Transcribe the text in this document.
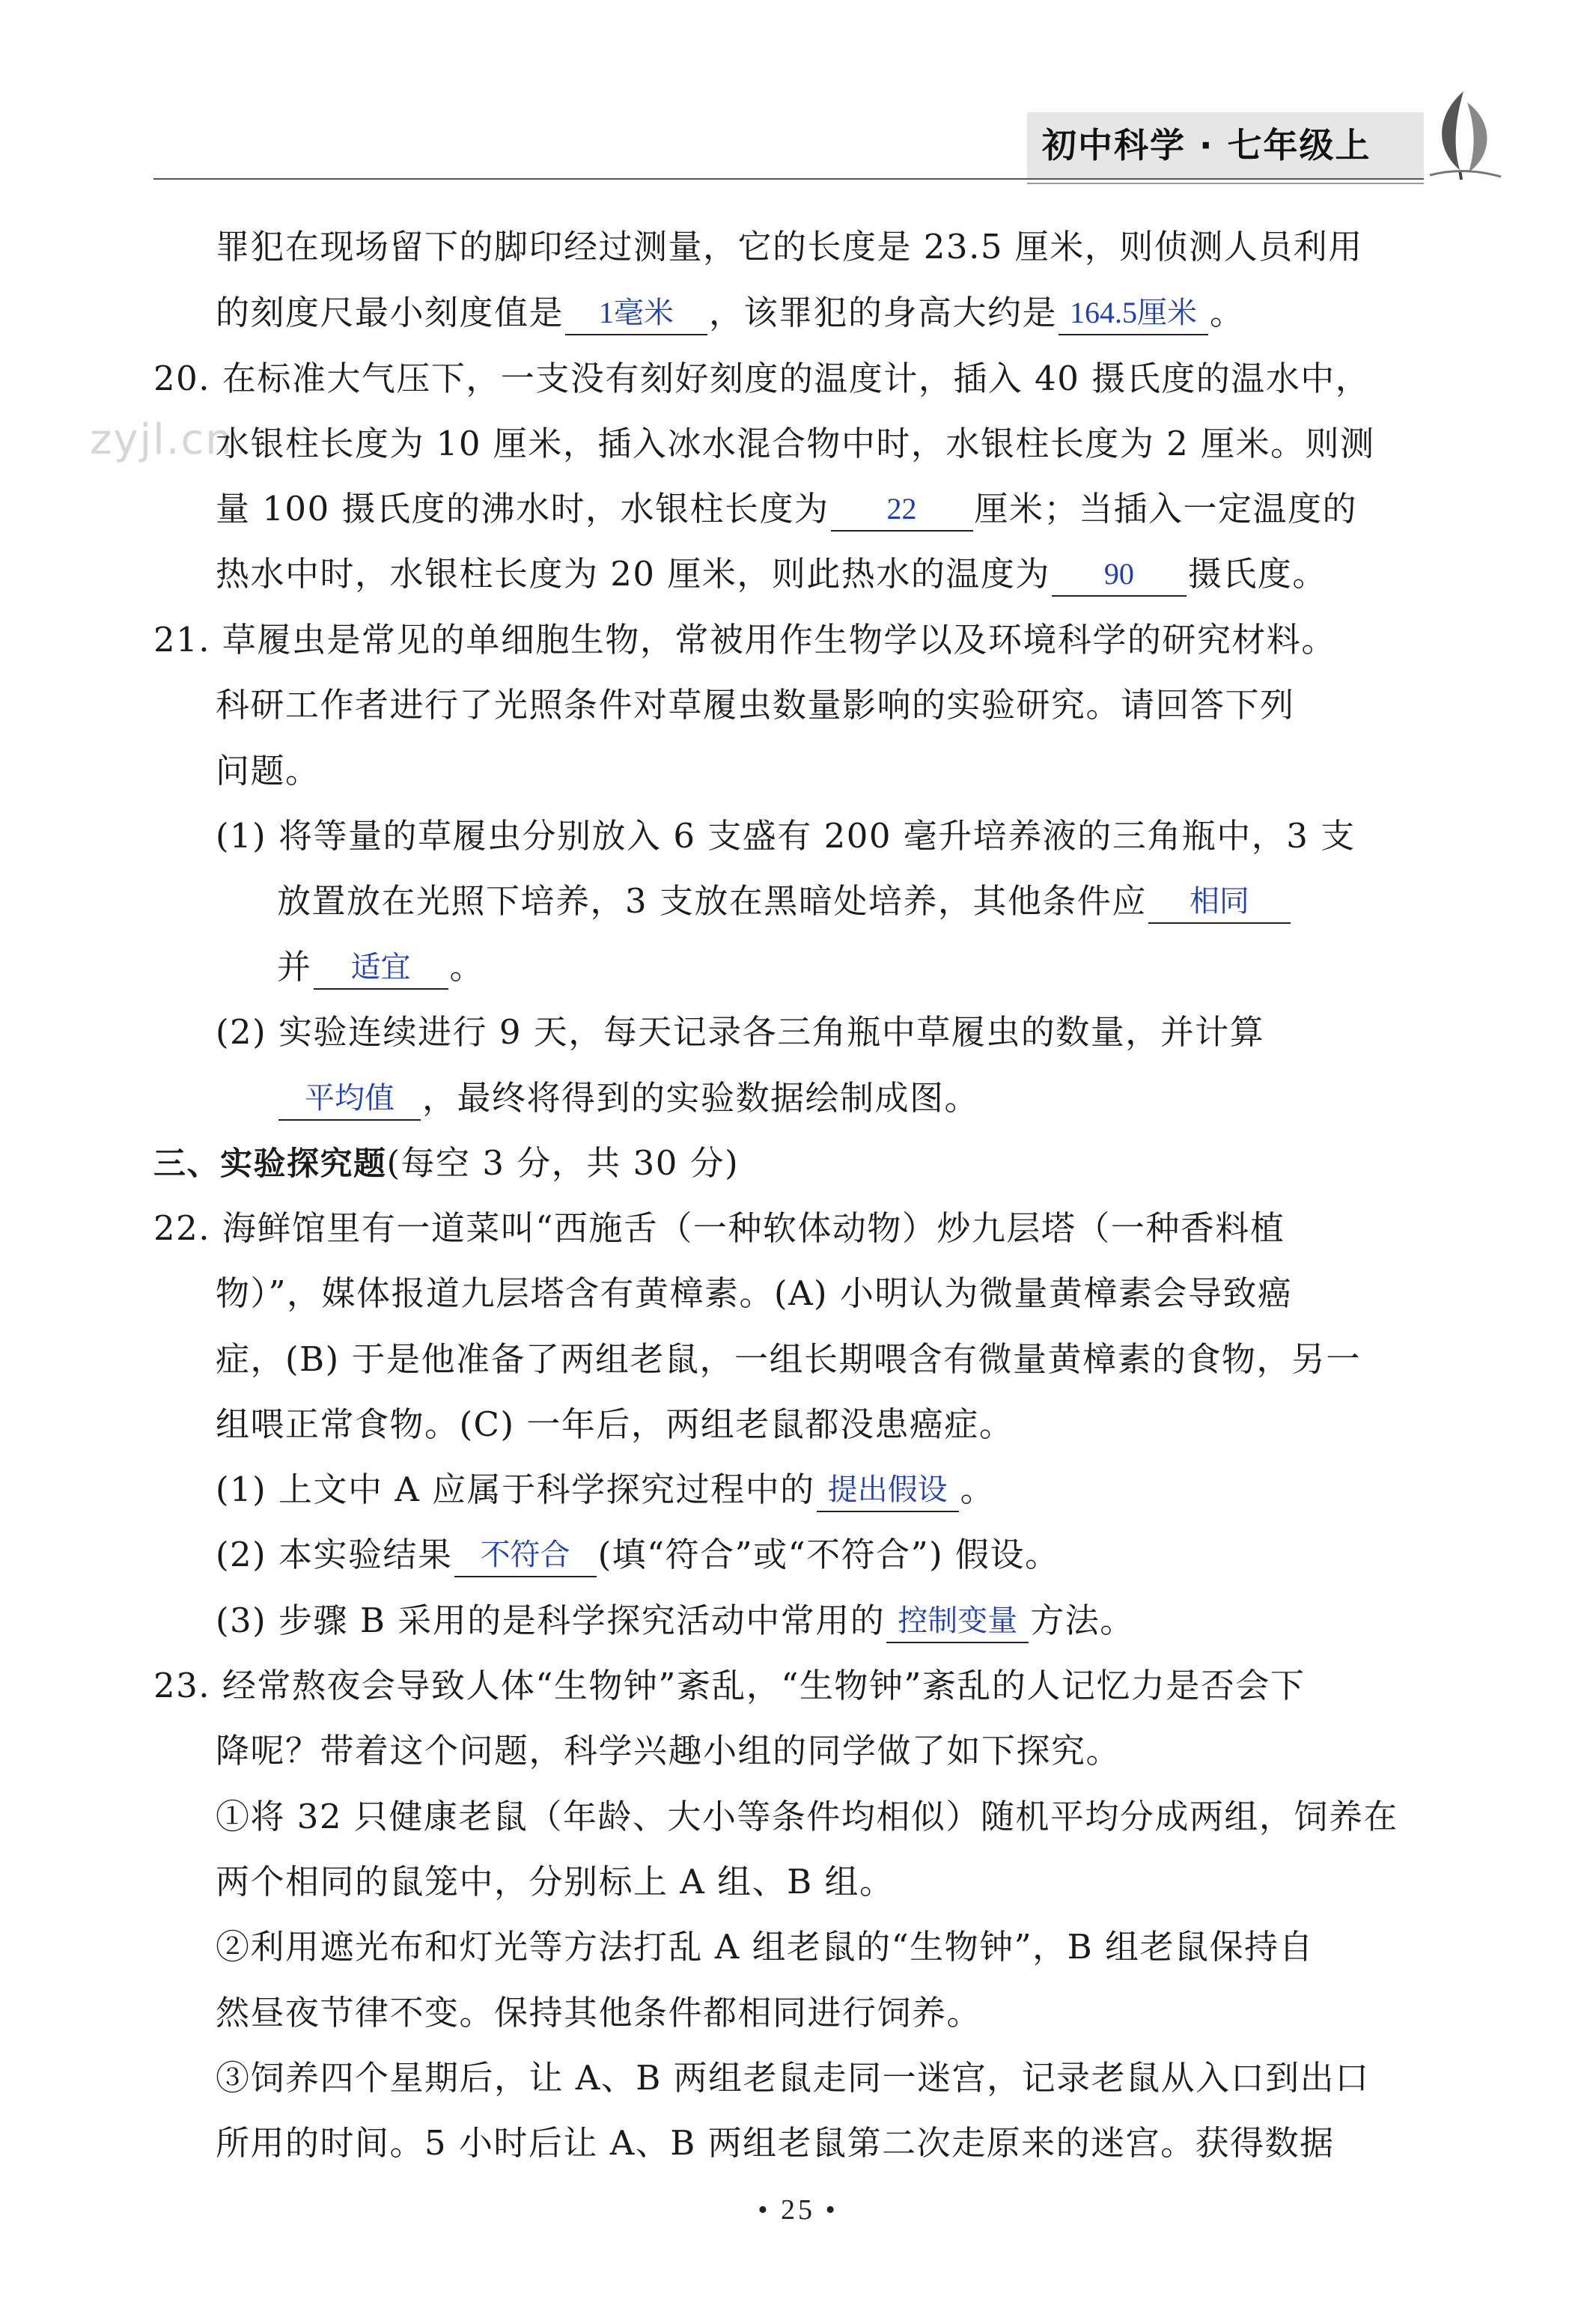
初中科学 · 七年级上
zyjl.cn
罪犯在现场留下的脚印经过测量，它的长度是 23.5 厘米，则侦测人员利用
的刻度尺最小刻度值是	1毫米	，该罪犯的身高大约是 164.5厘米 。
20. 在标准大气压下，一支没有刻好刻度的温度计，插入 40 摄氏度的温水中，
水银柱长度为 10 厘米，插入冰水混合物中时，水银柱长度为 2 厘米。则测
量 100 摄氏度的沸水时，水银柱长度为	22	厘米；当插入一定温度的
热水中时，水银柱长度为 20 厘米，则此热水的温度为	90	摄氏度。
21. 草履虫是常见的单细胞生物，常被用作生物学以及环境科学的研究材料。
科研工作者进行了光照条件对草履虫数量影响的实验研究。请回答下列
问题。
(1) 将等量的草履虫分别放入 6 支盛有 200 毫升培养液的三角瓶中，3 支
放置放在光照下培养，3 支放在黑暗处培养，其他条件应	相同
并	适宜	。
(2) 实验连续进行 9 天，每天记录各三角瓶中草履虫的数量，并计算
平均值 ，最终将得到的实验数据绘制成图。
三、实验探究题(每空 3 分，共 30 分)
22. 海鲜馆里有一道菜叫“西施舌（一种软体动物）炒九层塔（一种香料植
物）”，媒体报道九层塔含有黄樟素。(A) 小明认为微量黄樟素会导致癌
症，(B) 于是他准备了两组老鼠，一组长期喂含有微量黄樟素的食物，另一
组喂正常食物。(C) 一年后，两组老鼠都没患癌症。
(1) 上文中 A 应属于科学探究过程中的 提出假设 。
(2) 本实验结果 不符合 (填“符合”或“不符合”) 假设。
(3) 步骤 B 采用的是科学探究活动中常用的 控制变量 方法。
23. 经常熬夜会导致人体“生物钟”紊乱，“生物钟”紊乱的人记忆力是否会下
降呢？带着这个问题，科学兴趣小组的同学做了如下探究。
①将 32 只健康老鼠（年龄、大小等条件均相似）随机平均分成两组，饲养在
两个相同的鼠笼中，分别标上 A 组、B 组。
②利用遮光布和灯光等方法打乱 A 组老鼠的“生物钟”，B 组老鼠保持自
然昼夜节律不变。保持其他条件都相同进行饲养。
③饲养四个星期后，让 A、B 两组老鼠走同一迷宫，记录老鼠从入口到出口
所用的时间。5 小时后让 A、B 两组老鼠第二次走原来的迷宫。获得数据
• 25 •
